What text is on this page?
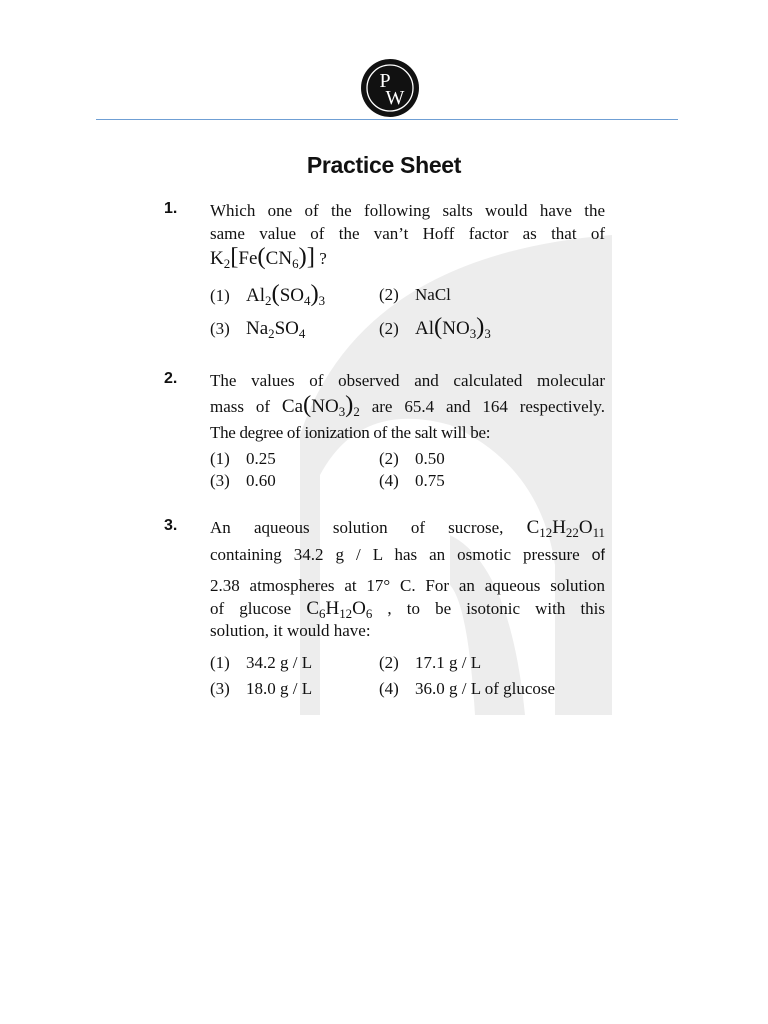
P
W
Practice Sheet
1. Which one of the following salts would have the
same value of the van’t Hoff factor as that of
$K_2[Fe(CN_6)]$ ?
(1) $Al_2(SO_4)_3$	(2) NaCl
(3) $Na_2SO_4$	(2) $Al(NO_3)_3$
2. The values of observed and calculated molecular
mass of $Ca(NO_3)_2$ are 65.4 and 164 respectively.
The degree of ionization of the salt will be:
(1) 0.25	(2) 0.50
(3) 0.60	(4) 0.75
3. An aqueous solution of sucrose, $C_{12}H_{22}O_{11}$
containing 34.2 g / L has an osmotic pressure of
2.38 atmospheres at 17° C. For an aqueous solution
of glucose $C_6H_{12}O_6$ , to be isotonic with this
solution, it would have:
(1) 34.2 g / L	(2) 17.1 g / L
(3) 18.0 g / L	(4) 36.0 g / L of glucose
